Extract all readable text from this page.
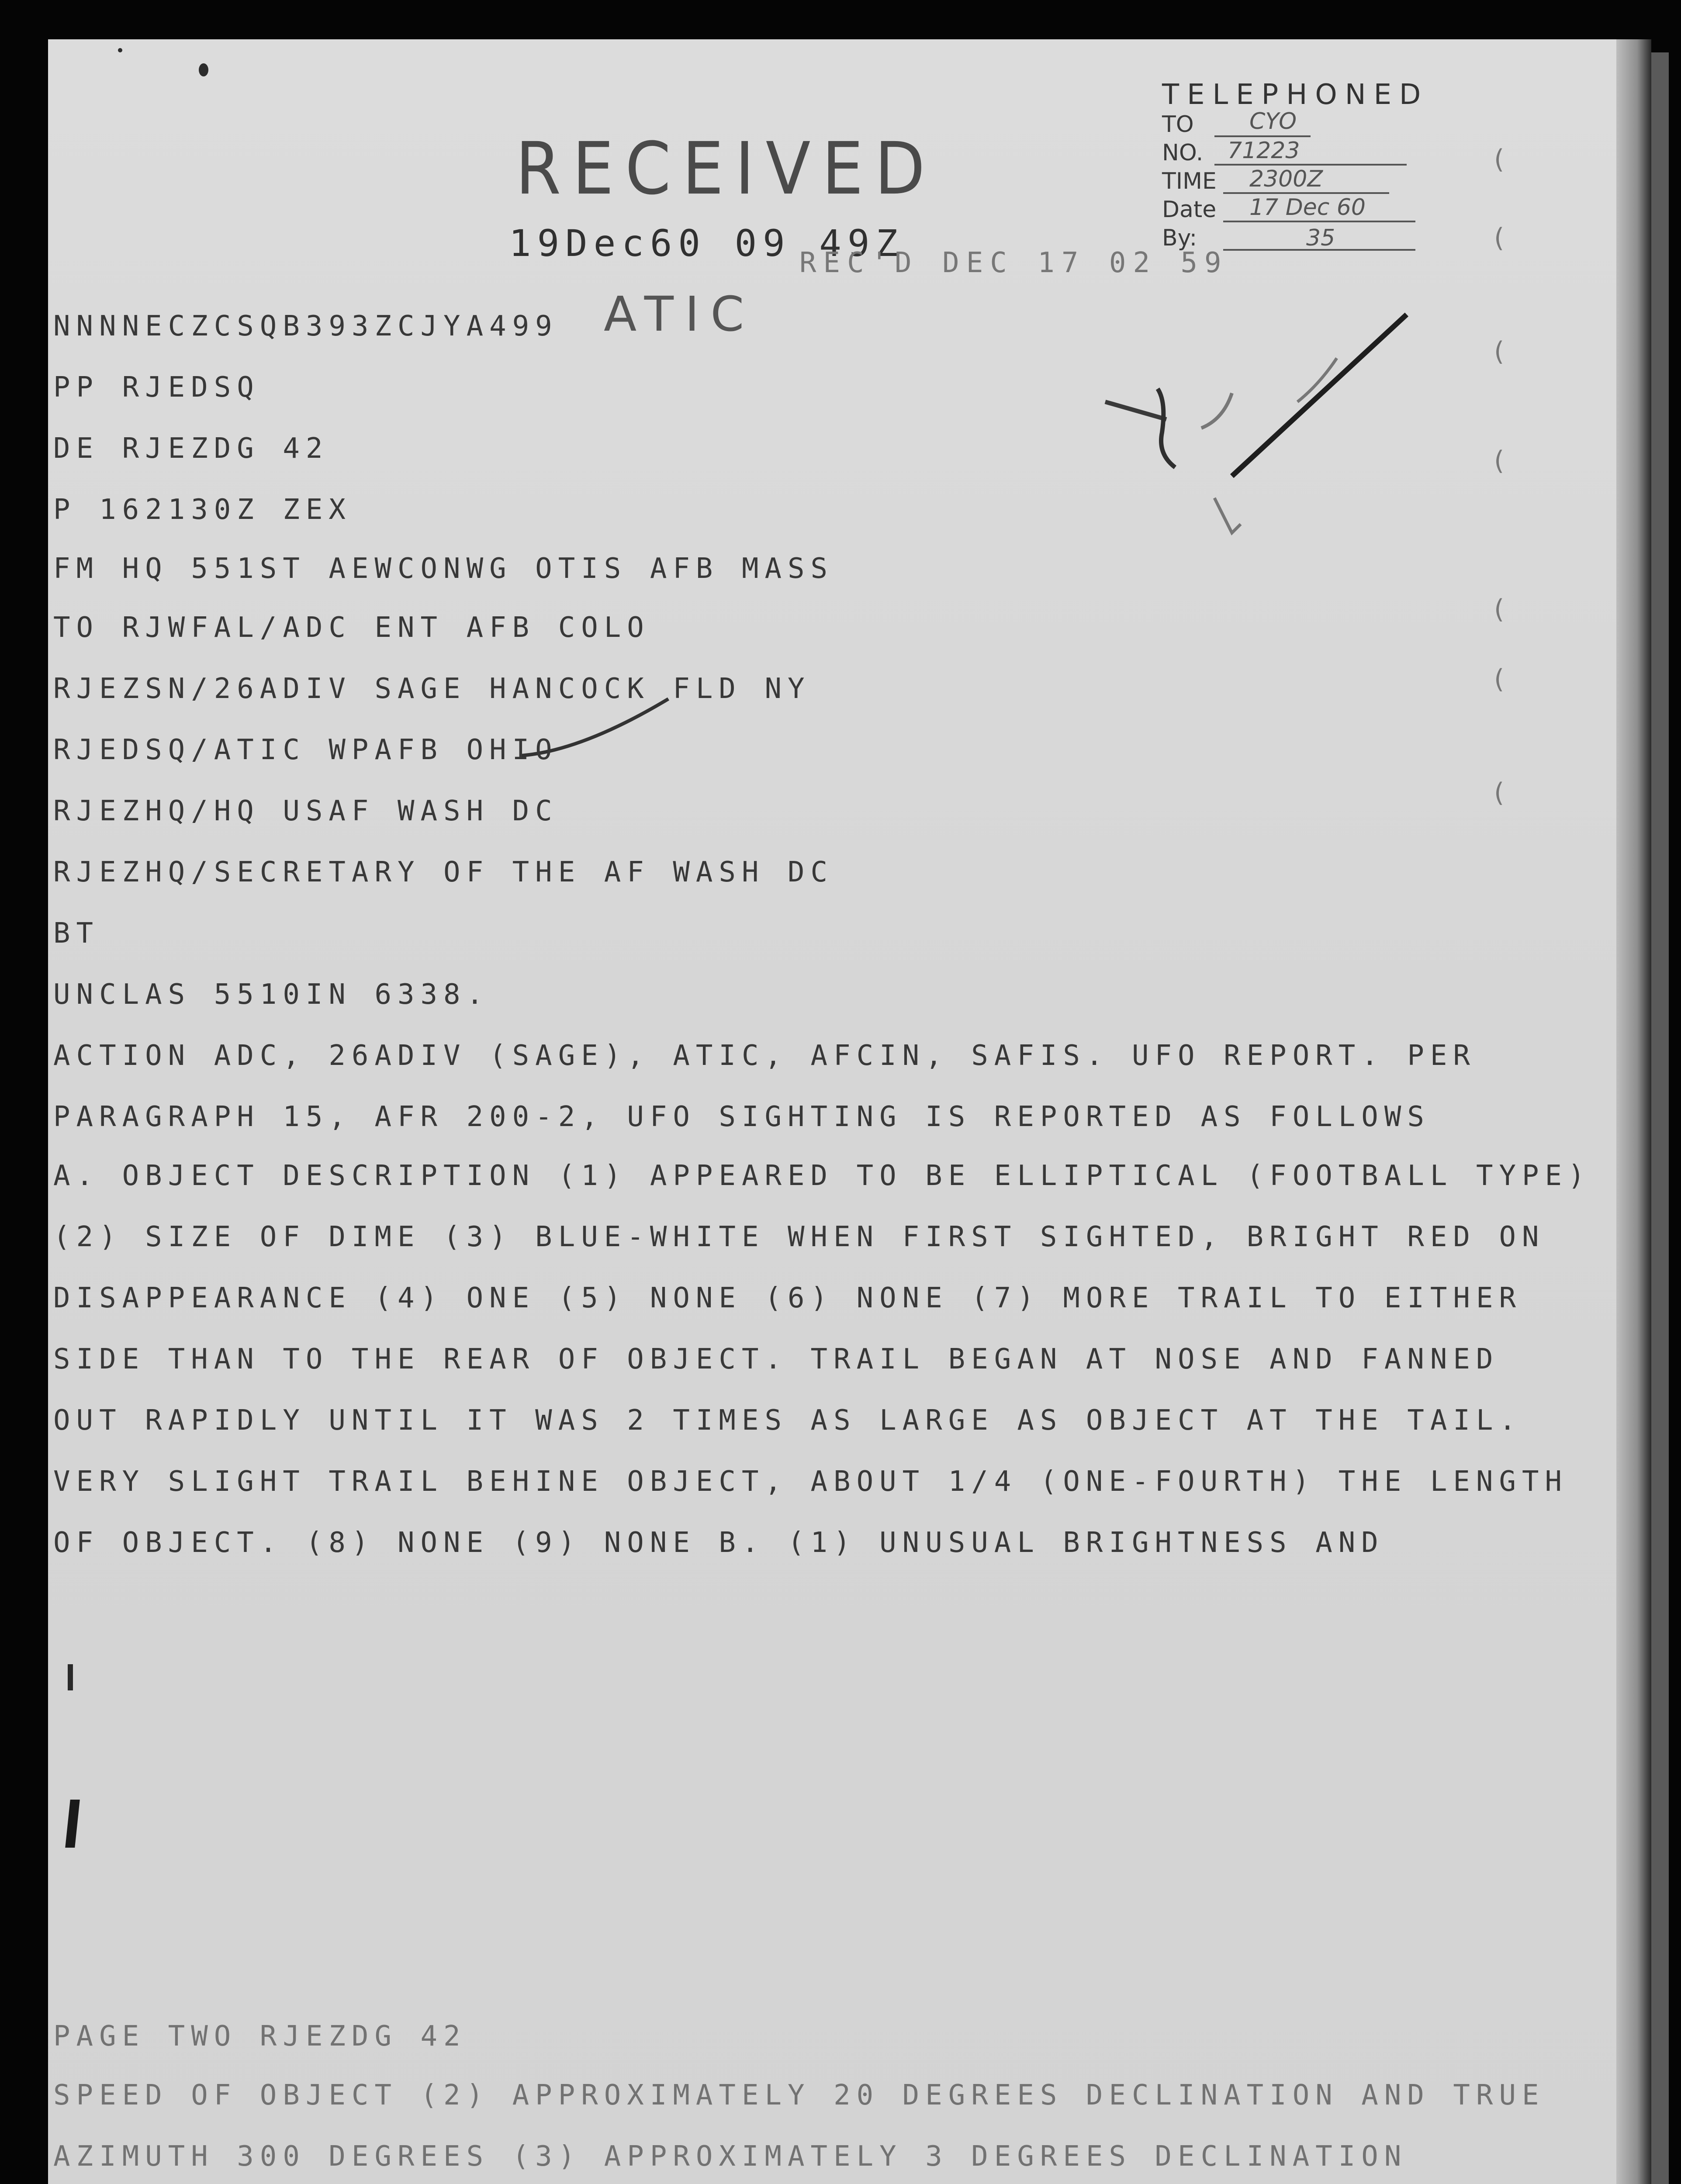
RECEIVED
19Dec60 09 49Z
ATIC
REC'D DEC 17 02 59
TELEPHONED
TO CYO
NO. 71223
TIME 2300Z
Date 17 Dec 60
By:	35
(
(
(
(
(
(
(
NNNNECZCSQB393ZCJYA499
PP RJEDSQ
DE RJEZDG 42
P 162130Z ZEX
FM HQ 551ST AEWCONWG OTIS AFB MASS
TO RJWFAL/ADC ENT AFB COLO
RJEZSN/26ADIV SAGE HANCOCK FLD NY
RJEDSQ/ATIC WPAFB OHIO
RJEZHQ/HQ USAF WASH DC
RJEZHQ/SECRETARY OF THE AF WASH DC
BT
UNCLAS 5510IN 6338.
ACTION ADC, 26ADIV (SAGE), ATIC, AFCIN, SAFIS. UFO REPORT. PER
PARAGRAPH 15, AFR 200-2, UFO SIGHTING IS REPORTED AS FOLLOWS
A. OBJECT DESCRIPTION (1) APPEARED TO BE ELLIPTICAL (FOOTBALL TYPE)
(2) SIZE OF DIME (3) BLUE-WHITE WHEN FIRST SIGHTED, BRIGHT RED ON
DISAPPEARANCE (4) ONE (5) NONE (6) NONE (7) MORE TRAIL TO EITHER
SIDE THAN TO THE REAR OF OBJECT. TRAIL BEGAN AT NOSE AND FANNED
OUT RAPIDLY UNTIL IT WAS 2 TIMES AS LARGE AS OBJECT AT THE TAIL.
VERY SLIGHT TRAIL BEHINE OBJECT, ABOUT 1/4 (ONE-FOURTH) THE LENGTH
OF OBJECT. (8) NONE (9) NONE B. (1) UNUSUAL BRIGHTNESS AND
PAGE TWO RJEZDG 42
SPEED OF OBJECT (2) APPROXIMATELY 20 DEGREES DECLINATION AND TRUE
AZIMUTH 300 DEGREES (3) APPROXIMATELY 3 DEGREES DECLINATION
